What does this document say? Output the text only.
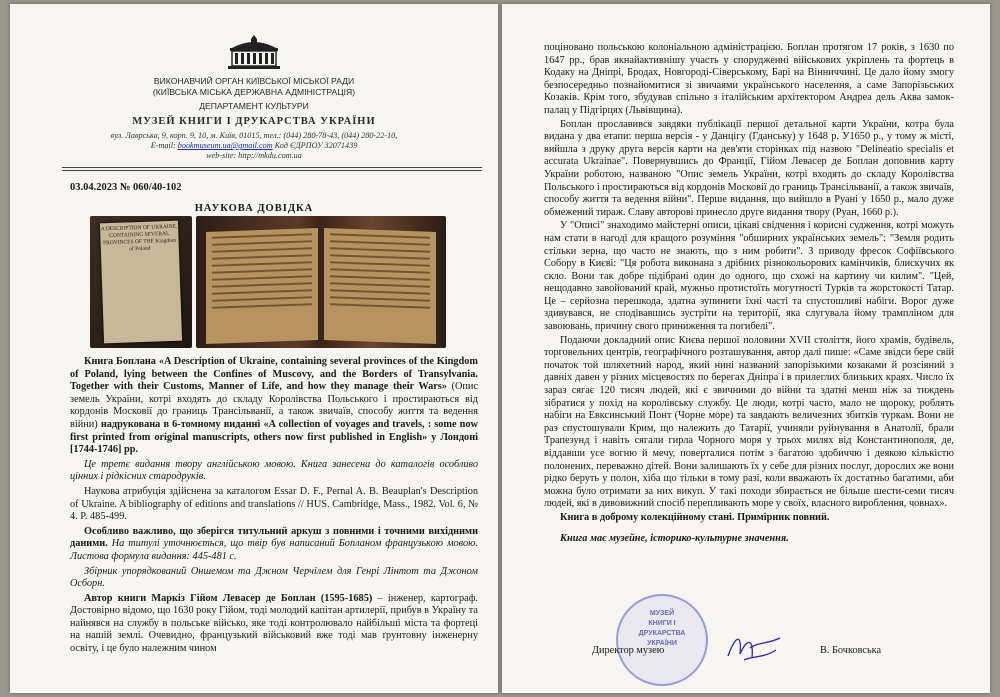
ВИКОНАВЧИЙ ОРГАН КИЇВСЬКОЇ МІСЬКОЇ РАДИ
(КИЇВСЬКА МІСЬКА ДЕРЖАВНА АДМІНІСТРАЦІЯ)
ДЕПАРТАМЕНТ КУЛЬТУРИ
МУЗЕЙ КНИГИ І ДРУКАРСТВА УКРАЇНИ
вул. Лаврська, 9, корп. 9, 10, м. Київ, 01015, тел.: (044) 280-78-43, (044) 280-22-10,
E-mail: bookmuseum.ua@gmail.com Код ЄДРПОУ 32071439
web-site: http://mkdu.com.ua
03.04.2023 № 060/40-102
НАУКОВА ДОВІДКА
A DESCRIPTION OF UKRAINE, CONTAINING SEVERAL PROVINCES OF THE Kingdom of Poland

Книга Боплана «A Description of Ukraine, containing several provinces of the Kingdom of Poland, lying between the Confines of Muscovy, and the Borders of Transylvania. Together with their Customs, Manner of Life, and how they manage their Wars» (Опис земель України, котрі входять до складу Королівства Польського і простираються від кордонів Московії до границь Трансільванії, а також звичаїв, способу життя та ведення війни) надрукована в 6-томному виданні «A collection of voyages and travels, : some now first printed from original manuscripts, others now first published in English» у Лондоні [1744-1746] рр.

Це третє видання твору англійською мовою. Книга занесена до каталогів особливо цінних і рідкісних стародруків.

Наукова атрибуція здійснена за каталогом Essar D. F., Pernal A. B. Beauplan's Description of Ukraine. A bibliography of editions and translations // HUS. Cambridge, Mass., 1982. Vol. 6, № 4. P. 485-499.

Особливо важливо, що зберігся титульний аркуш з повними і точними вихідними даними. На титулі уточнюється, що твір був написаний Бопланом французькою мовою. Листова формула видання: 445-481 с.

Збірник упорядкований Оншемом та Джном Черчілем для Генрі Лінтот та Джоном Осборн.

Автор книги Маркіз Гійом Левасер де Боплан (1595-1685) – інженер, картограф. Достовірно відомо, що 1630 року Гійом, тоді молодий капітан артилерії, прибув в Україну та найнявся на службу в польське військо, яке тоді контролювало найбільші міста та фортеці на нашій землі. Очевидно, французький військовий вже тоді мав ґрунтовну інженерну освіту, і це було належним чином

поціновано польською колоніальною адміністрацією. Боплан протягом 17 років, з 1630 по 1647 рр., брав якнайактивнішу участь у спорудженні військових укріплень та фортець в Кодаку на Дніпрі, Бродах, Новгороді-Сіверському, Барі на Вінниччині. Це дало йому змогу безпосередньо познайомитися зі звичаями українського населення, а саме Запорізьських Козаків. Крім того, збудував спільно з італійським архітектором Андреа дель Аква замок-палац у Підгірцях (Львівщина).

Боплан прославився завдяки публікації першої детальної карти України, котра була видана у два етапи: перша версія - у Данцігу (Гданську) у 1648 р. У1650 р., у тому ж місті, вийшла з друку друга версія карти на дев'яти сторінках під назвою "Delineatio specialis et accurata Ukrainae". Повернувшись до Франції, Гійом Левасер де Боплан доповнив карту України роботою, названою "Опис земель України, котрі входять до складу Королівства Польського і простираються від кордонів Московії до границь Трансільванії, а також звичаїв, способу життя та ведення війни". Перше видання, що вийшло в Руані у 1650 р., мало дуже обмежений тираж. Славу авторові принесло друге видання твору (Руан, 1660 р.).

У "Описі" знаходимо майстерні описи, цікаві свідчення і корисні судження, котрі можуть нам стати в нагоді для кращого розуміння "обширних українських земель": "Земля родить стільки зерна, що часто не знають, що з ним робити". З приводу фресок Софіївського Собору в Києві: "Ця робота виконана з дрібних різнокольорових камінчиків, блискучих як скло. Вони так добре підібрані один до одного, що схожі на картину чи килим". "Цей, нещодавно завойований край, мужньо протистоїть могутності Турків та жорстокості Татар. Це – серйозна перешкода, здатна зупинити їхні часті та спустошливі набіги. Ворог дуже здивувався, не сподівавшись зустріти на території, яка слугувала йому трампліном для завоювань, причину свого приниження та погибелі".

Подаючи докладний опис Києва першої половини XVII століття, його храмів, будівель, торговельних центрів, географічного розташування, автор далі пише: «Саме звідси бере свій початок той шляхетний народ, який нині названий запорізькими козаками й розсіяний з давніх давен у різних місцевостях по берегах Дніпра і в прилеглих близьких краях. Число їх зараз сягає 120 тисяч людей, які є звичними до війни та здатні менш ніж за тиждень зібратися у похід на королівську службу. Це люди, котрі часто, мало не щороку, роблять набіги на Евксинський Понт (Чорне море) та завдають величезних збитків туркам. Вони не раз спустошували Крим, що належить до Татарії, учиняли руйнування в Анатолії, брали Трапезунд і навіть сягали гирла Чорного моря у трьох милях від Константинополя, де, віддавши усе вогню й мечу, поверталися потім з багатою здобиччю і деякою кількістю полонених, переважно дітей. Вони залишають їх у себе для різних послуг, дорослих же вони рідко беруть у полон, хіба що тільки в тому разі, коли вважають їх достатньо багатими, аби можна було отримати за них викуп. У такі походи збирається не більше шести-семи тисяч людей, які в дивовижний спосіб перепливають море у своїх, власного вироблення, човнах».

Книга в доброму колекційному стані. Примірник повний.

Книга має музейне, історико-культурне значення.

МУЗЕЙ
КНИГИ І
ДРУКАРСТВА
УКРАЇНИ
Директор музею	В. Бочковська
